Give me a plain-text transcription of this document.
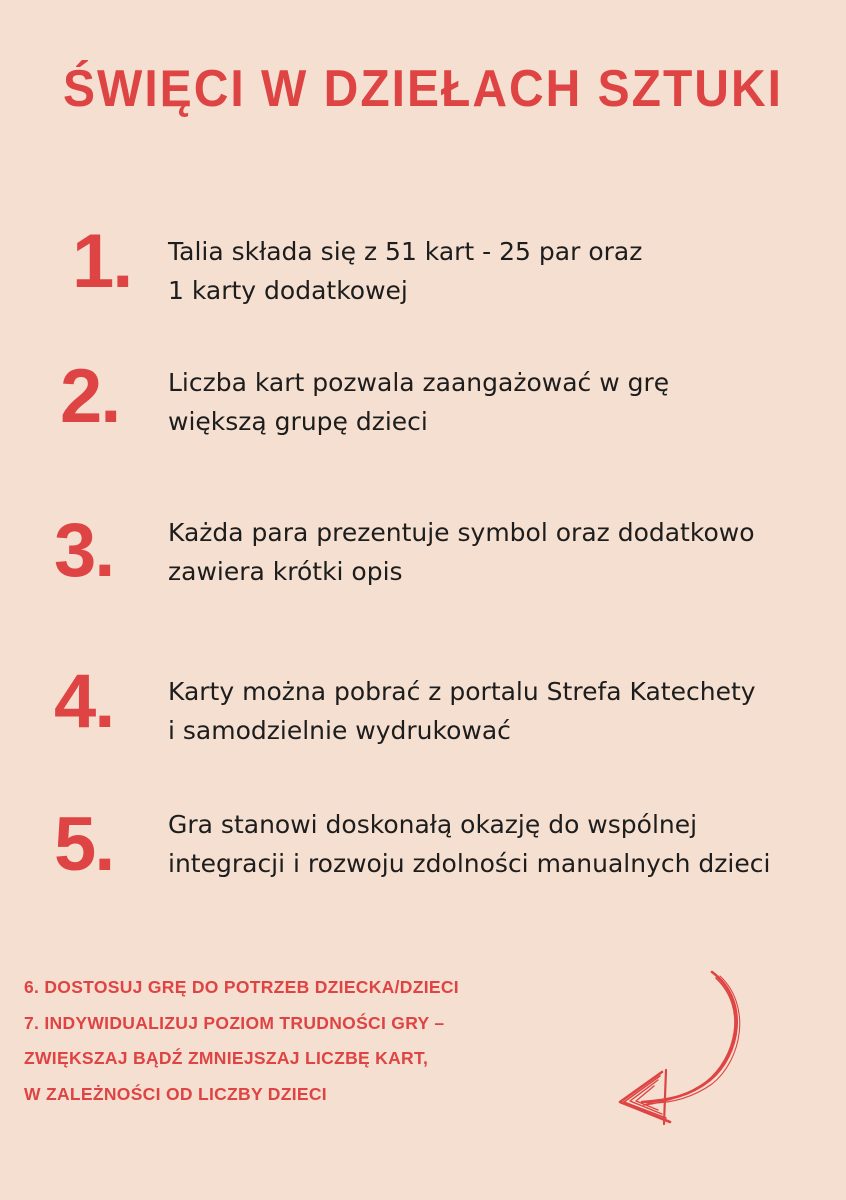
ŚWIĘCI W DZIEŁACH SZTUKI
1. Talia składa się z 51 kart - 25 par oraz
1 karty dodatkowej

2. Liczba kart pozwala zaangażować w grę
większą grupę dzieci

3. Każda para prezentuje symbol oraz dodatkowo
zawiera krótki opis

4. Karty można pobrać z portalu Strefa Katechety
i samodzielnie wydrukować

5. Gra stanowi doskonałą okazję do wspólnej
integracji i rozwoju zdolności manualnych dzieci

6. DOSTOSUJ GRĘ DO POTRZEB DZIECKA/DZIECI
7. INDYWIDUALIZUJ POZIOM TRUDNOŚCI GRY –
ZWIĘKSZAJ BĄDŹ ZMNIEJSZAJ LICZBĘ KART,
W ZALEŻNOŚCI OD LICZBY DZIECI
